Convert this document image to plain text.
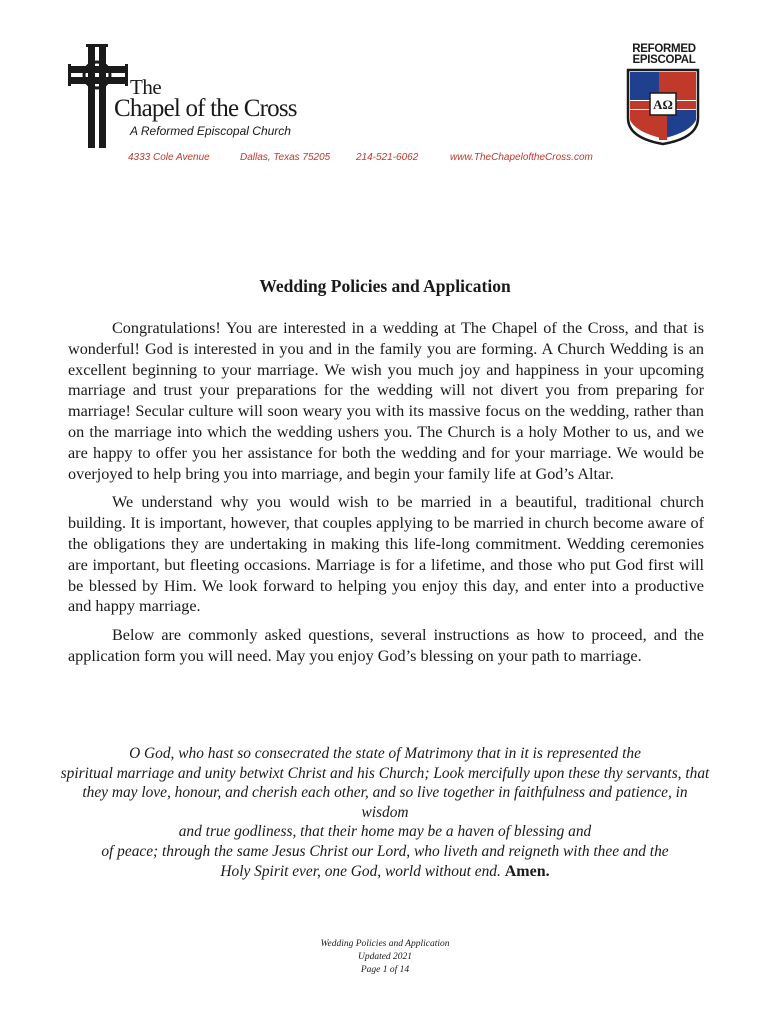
The
Chapel of the Cross
A Reformed Episcopal Church
4333 Cole Avenue	Dallas, Texas 75205	214-521-6062	www.TheChapeloftheCross.com
REFORMED
EPISCOPAL
AΩ
Wedding Policies and Application

Congratulations! You are interested in a wedding at The Chapel of the Cross, and that is wonderful! God is interested in you and in the family you are forming. A Church Wedding is an excellent beginning to your marriage. We wish you much joy and happiness in your upcoming marriage and trust your preparations for the wedding will not divert you from preparing for marriage! Secular culture will soon weary you with its massive focus on the wedding, rather than on the marriage into which the wedding ushers you. The Church is a holy Mother to us, and we are happy to offer you her assistance for both the wedding and for your marriage. We would be overjoyed to help bring you into marriage, and begin your family life at God’s Altar.

We understand why you would wish to be married in a beautiful, traditional church building. It is important, however, that couples applying to be married in church become aware of the obligations they are undertaking in making this life-long commitment. Wedding ceremonies are important, but fleeting occasions. Marriage is for a lifetime, and those who put God first will be blessed by Him. We look forward to helping you enjoy this day, and enter into a productive and happy marriage.

Below are commonly asked questions, several instructions as how to proceed, and the application form you will need. May you enjoy God’s blessing on your path to marriage.

O God, who hast so consecrated the state of Matrimony that in it is represented the
spiritual marriage and unity betwixt Christ and his Church; Look mercifully upon these thy servants, that
they may love, honour, and cherish each other, and so live together in faithfulness and patience, in wisdom
and true godliness, that their home may be a haven of blessing and
of peace; through the same Jesus Christ our Lord, who liveth and reigneth with thee and the
Holy Spirit ever, one God, world without end. Amen.
Wedding Policies and Application
Updated 2021
Page 1 of 14
